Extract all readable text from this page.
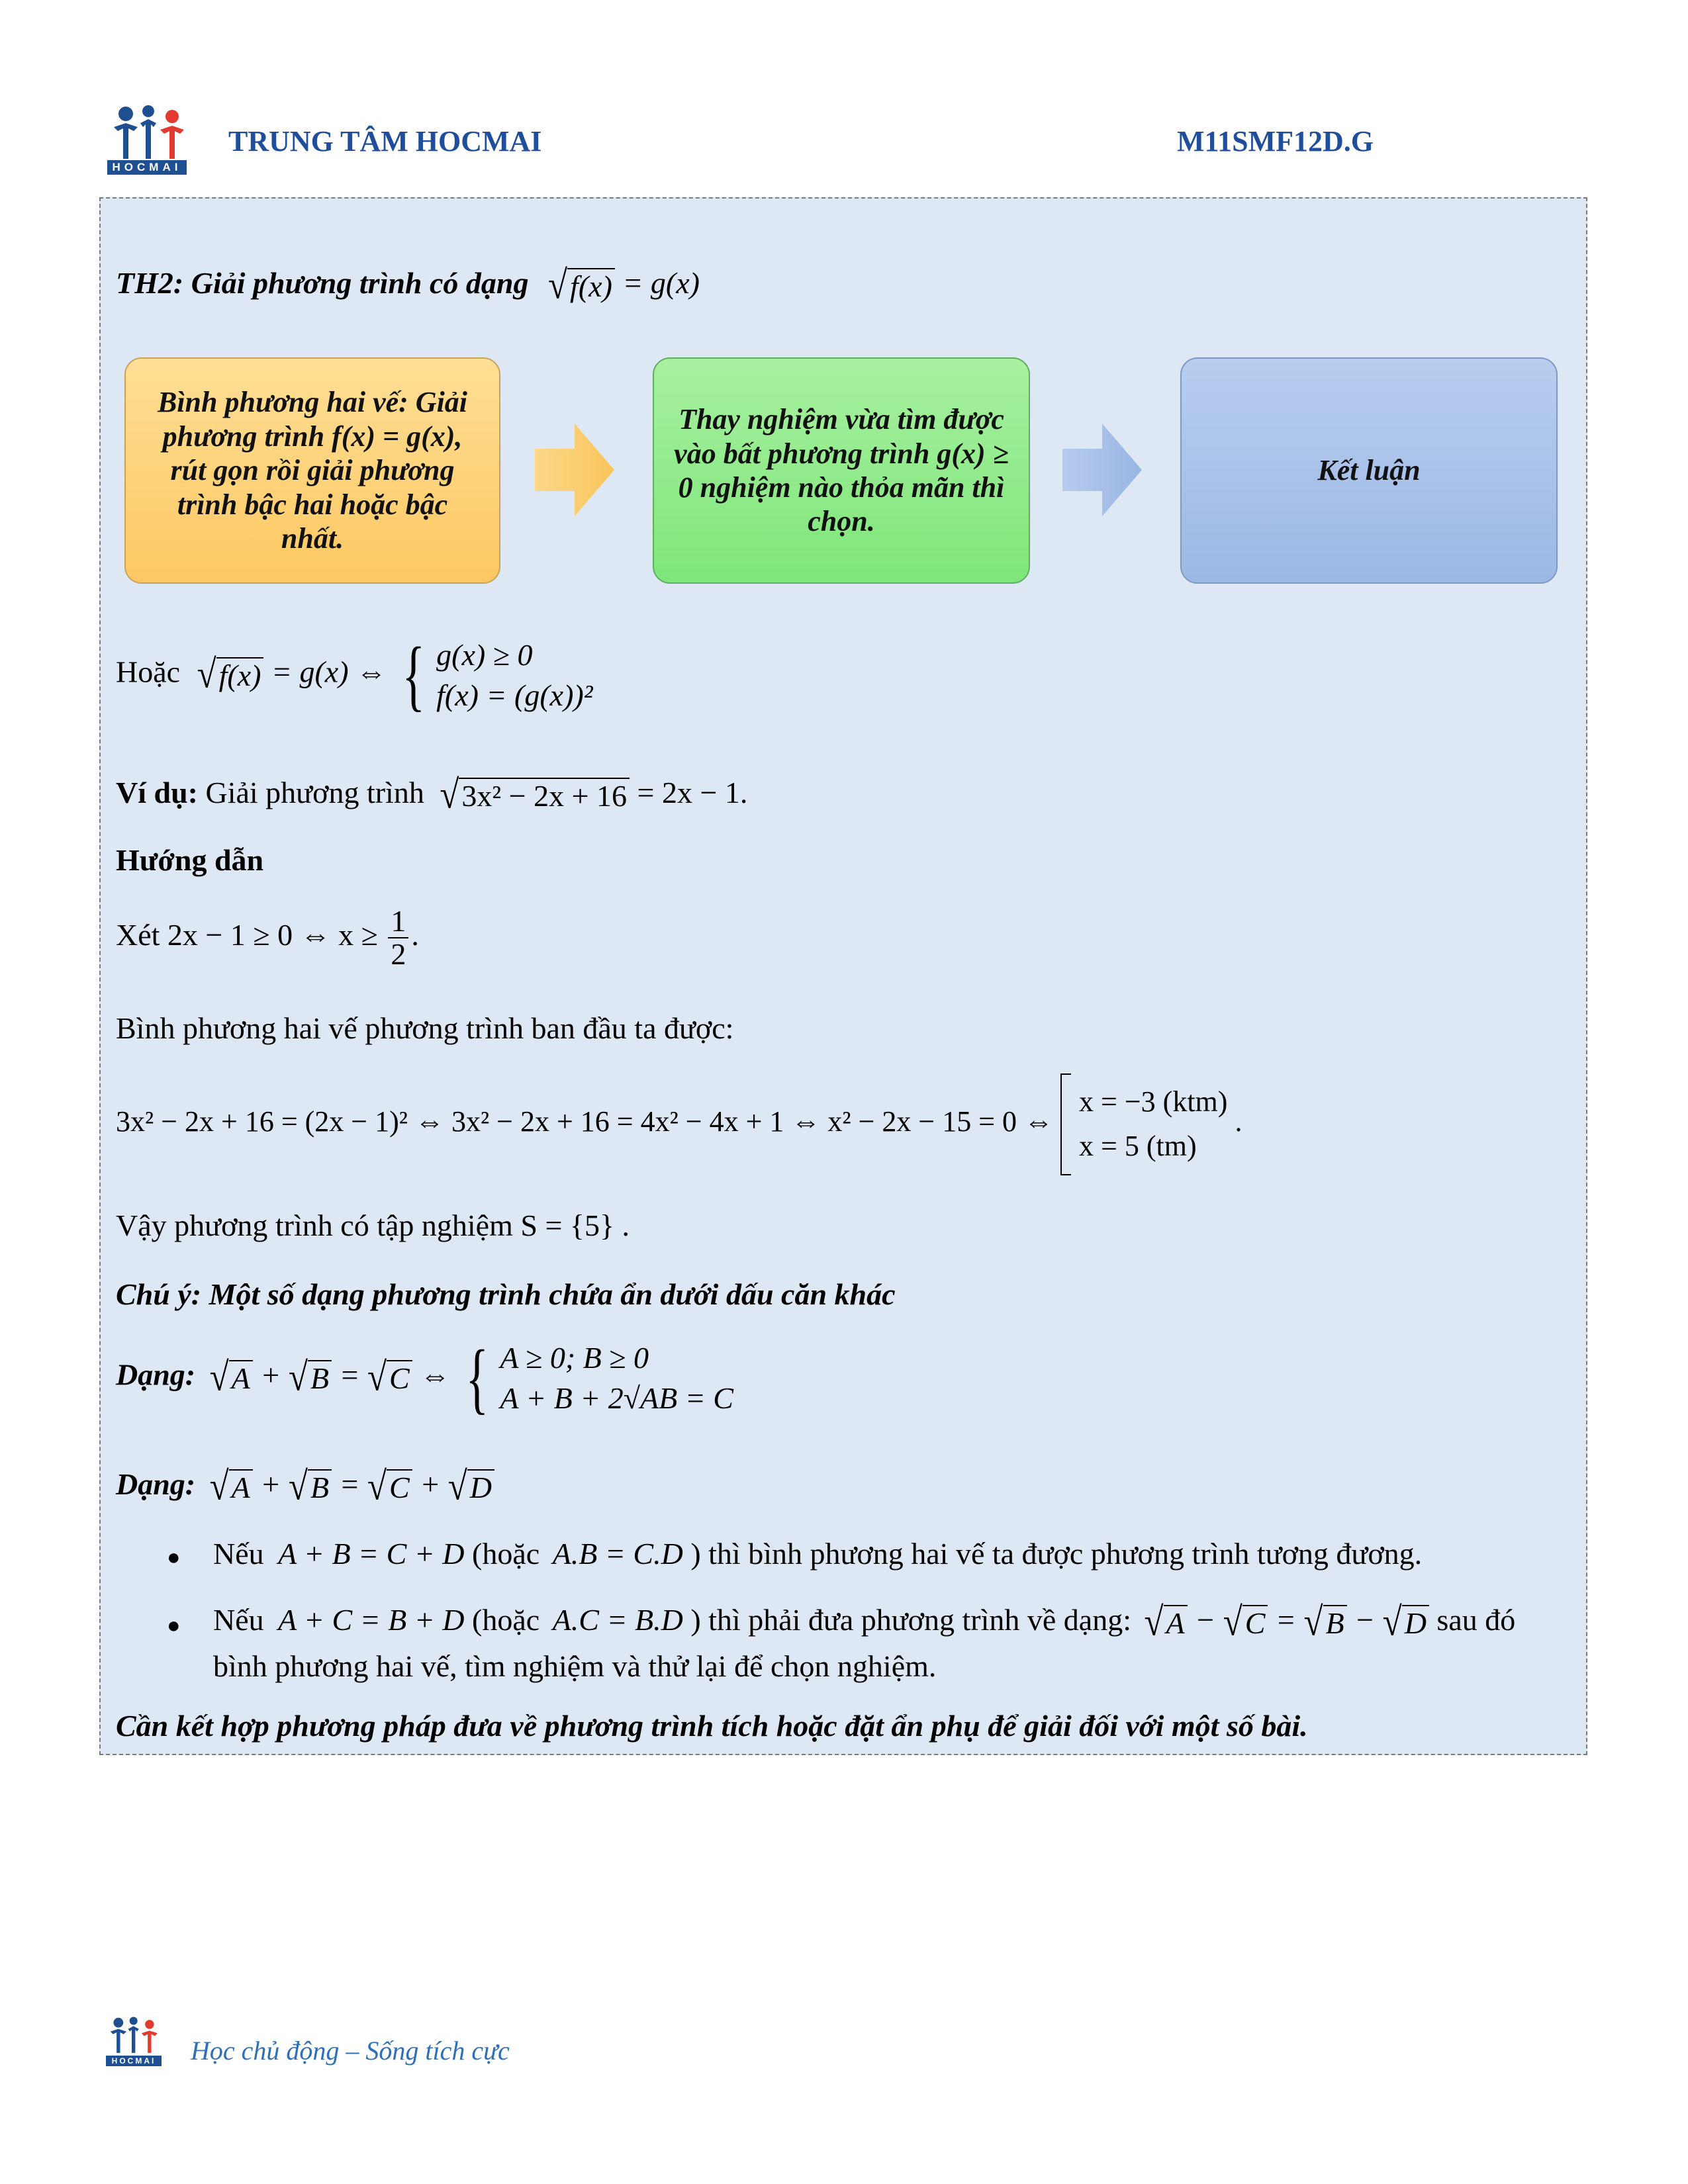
HOCMAI
TRUNG TÂM HOCMAI	M11SMF12D.G
TH2: Giải phương trình có dạng √ f(x) = g(x)
Bình phương hai vế: Giải phương trình f(x) = g(x), rút gọn rồi giải phương trình bậc hai hoặc bậc nhất.
Thay nghiệm vừa tìm được vào bất phương trình g(x) ≥ 0 nghiệm nào thỏa mãn thì chọn.
Kết luận
Hoặc √ f(x) = g(x) ⇔ { g(x) ≥ 0
f(x) = (g(x))²
Ví dụ: Giải phương trình √ 3x² − 2x + 16 = 2x − 1.
Hướng dẫn
Xét 2x − 1 ≥ 0 ⇔ $x \ge \frac{1}{2}$ .
Bình phương hai vế phương trình ban đầu ta được:
3x² − 2x + 16 = (2x − 1)² ⇔ 3x² − 2x + 16 = 4x² − 4x + 1 ⇔ x² − 2x − 15 = 0 ⇔
x = −3 (ktm)
x = 5 (tm)
.
Vậy phương trình có tập nghiệm S = {5} .
Chú ý: Một số dạng phương trình chứa ẩn dưới dấu căn khác
Dạng: √ A + √ B = √ C ⇔ { A ≥ 0; B ≥ 0
A + B + 2√AB = C
Dạng: √ A + √ B = √ C + √ D
● Nếu A + B = C + D (hoặc A.B = C.D ) thì bình phương hai vế ta được phương trình tương đương.
● Nếu A + C = B + D (hoặc A.C = B.D ) thì phải đưa phương trình về dạng: √ A − √ C = √ B − √ D sau đó
bình phương hai vế, tìm nghiệm và thử lại để chọn nghiệm.
Cần kết hợp phương pháp đưa về phương trình tích hoặc đặt ẩn phụ để giải đối với một số bài.
HOCMAI Học chủ động – Sống tích cực
